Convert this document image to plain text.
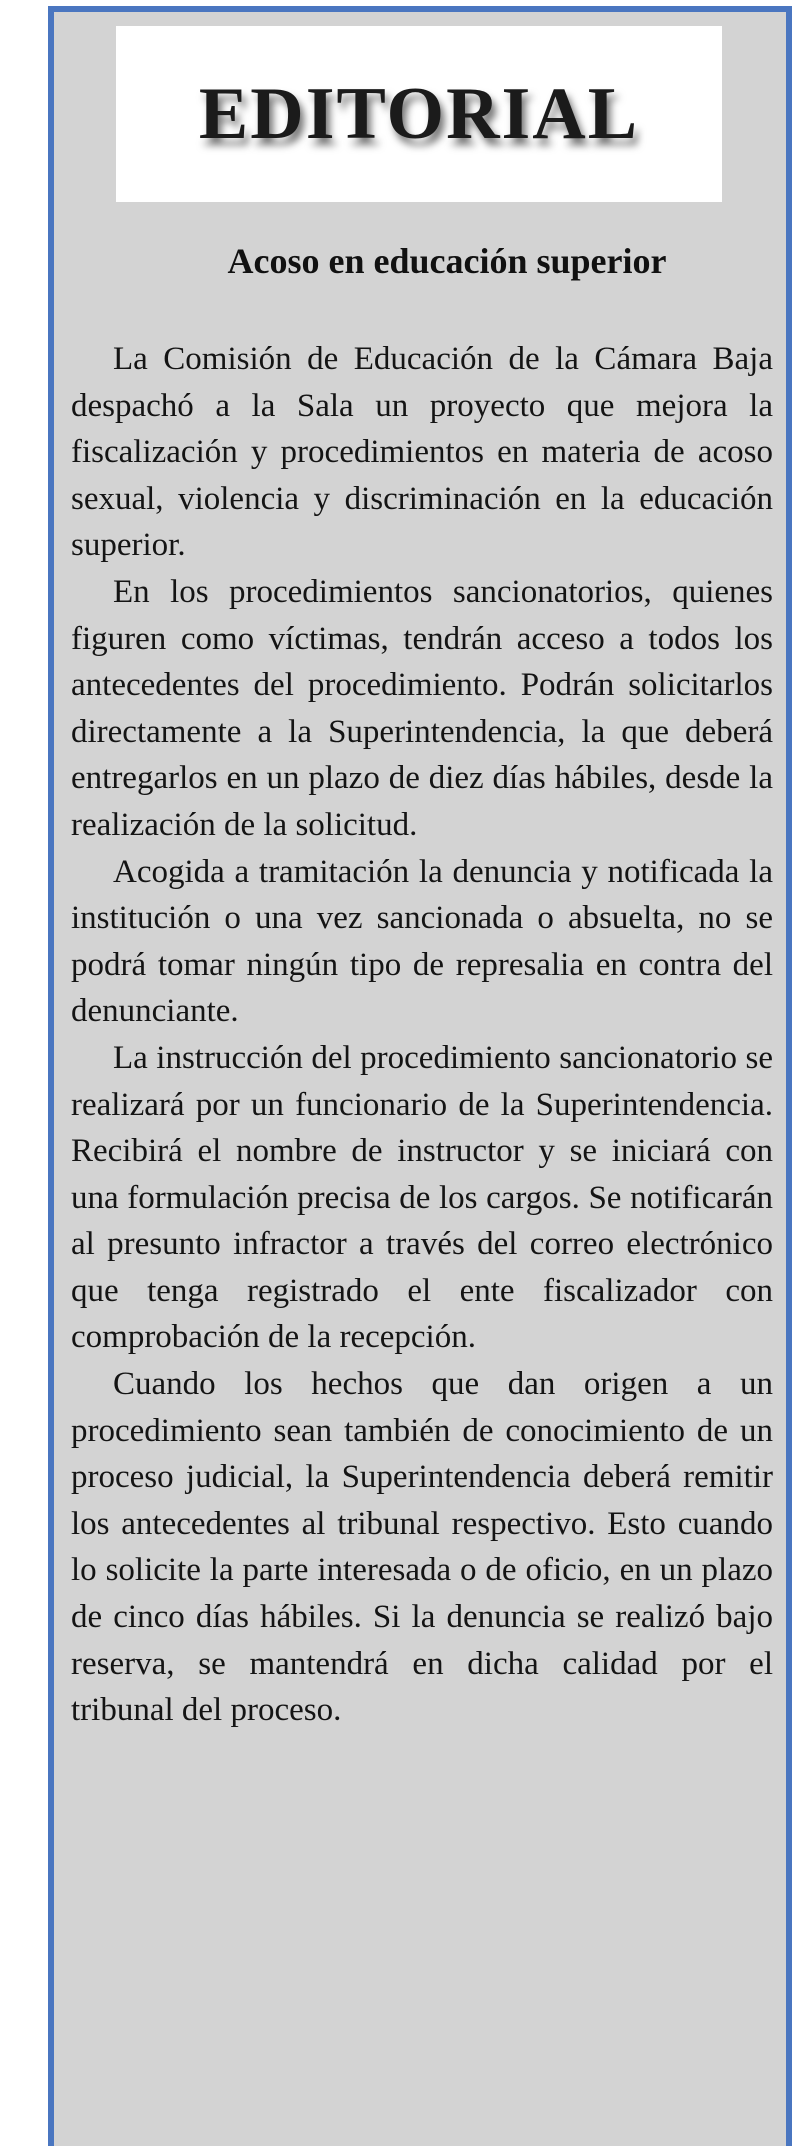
EDITORIAL
Acoso en educación superior

La Comisión de Educación de la Cámara Baja despachó a la Sala un proyecto que mejora la fiscalización y procedimientos en materia de acoso sexual, violencia y discriminación en la educación superior.

En los procedimientos sancionatorios, quienes figuren como víctimas, tendrán acceso a todos los antecedentes del procedimiento. Podrán solicitarlos directamente a la Superintendencia, la que deberá entregarlos en un plazo de diez días hábiles, desde la realización de la solicitud.

Acogida a tramitación la denuncia y notificada la institución o una vez sancionada o absuelta, no se podrá tomar ningún tipo de represalia en contra del denunciante.

La instrucción del procedimiento sancionatorio se realizará por un funcionario de la Superintendencia. Recibirá el nombre de instructor y se iniciará con una formulación precisa de los cargos. Se notificarán al presunto infractor a través del correo electrónico que tenga registrado el ente fiscalizador con comprobación de la recepción.

Cuando los hechos que dan origen a un procedimiento sean también de conocimiento de un proceso judicial, la Superintendencia deberá remitir los antecedentes al tribunal respectivo. Esto cuando lo solicite la parte interesada o de oficio, en un plazo de cinco días hábiles. Si la denuncia se realizó bajo reserva, se mantendrá en dicha calidad por el tribunal del proceso.
